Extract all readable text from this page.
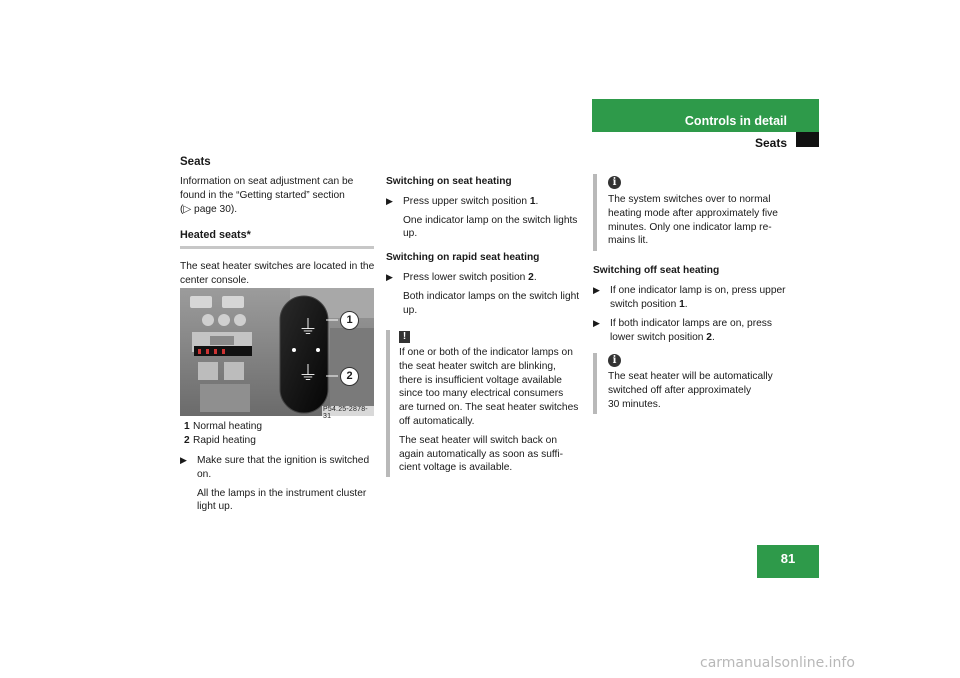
Controls in detail
Seats
Seats
Information on seat adjustment can be
found in the “Getting started” section
(▷ page 30).
Heated seats*
The seat heater switches are located in the
center console.
⏚
⏚
1
2
P54.25-2878-31
1 Normal heating
2 Rapid heating
▶ Make sure that the ignition is switched
on.
All the lamps in the instrument cluster
light up.
Switching on seat heating
▶ Press upper switch position 1.
One indicator lamp on the switch lights
up.
Switching on rapid seat heating
▶ Press lower switch position 2.
Both indicator lamps on the switch light
up.
!
If one or both of the indicator lamps on
the seat heater switch are blinking,
there is insufficient voltage available
since too many electrical consumers
are turned on. The seat heater switches
off automatically.
The seat heater will switch back on
again automatically as soon as suffi-
cient voltage is available.
i
The system switches over to normal
heating mode after approximately five
minutes. Only one indicator lamp re-
mains lit.
Switching off seat heating
▶ If one indicator lamp is on, press upper
switch position 1.
▶ If both indicator lamps are on, press
lower switch position 2.
i
The seat heater will be automatically
switched off after approximately
30 minutes.
81
carmanualsonline.info
